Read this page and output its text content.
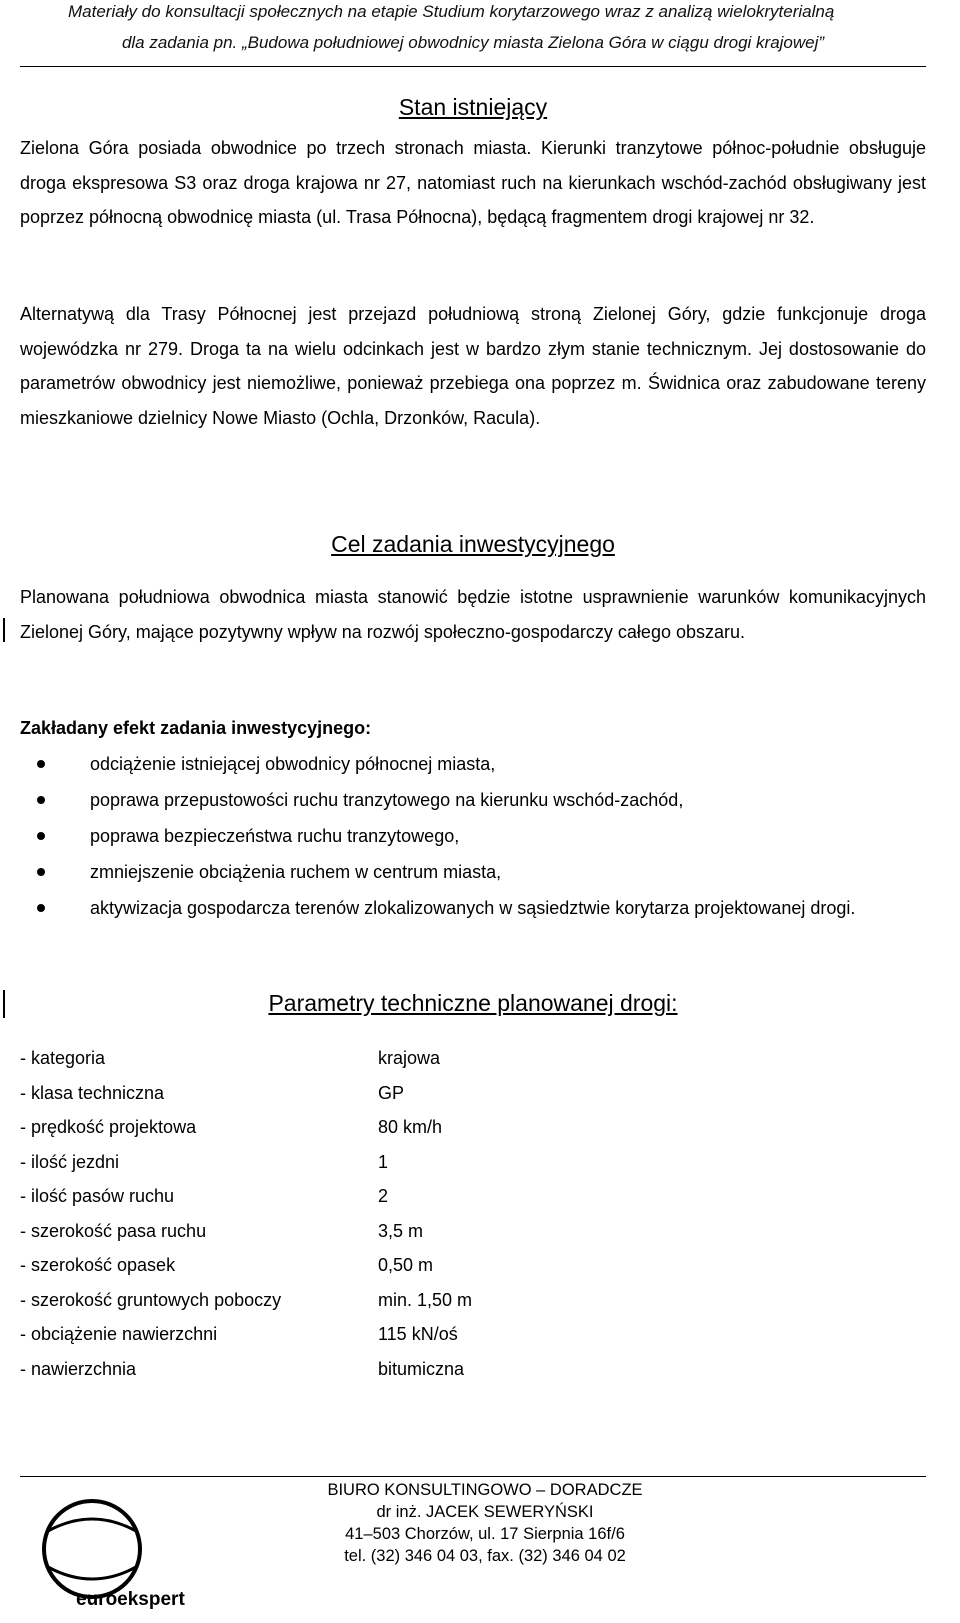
Materiały do konsultacji społecznych na etapie Studium korytarzowego wraz z analizą wielokryterialną
dla zadania pn. „Budowa południowej obwodnicy miasta Zielona Góra w ciągu drogi krajowej”
Stan istniejący

Zielona Góra posiada obwodnice po trzech stronach miasta. Kierunki tranzytowe północ-południe obsługuje droga ekspresowa S3 oraz droga krajowa nr 27, natomiast ruch na kierunkach wschód-zachód obsługiwany jest poprzez północną obwodnicę miasta (ul. Trasa Północna), będącą fragmentem drogi krajowej nr 32.

Alternatywą dla Trasy Północnej jest przejazd południową stroną Zielonej Góry, gdzie funkcjonuje droga wojewódzka nr 279. Droga ta na wielu odcinkach jest w bardzo złym stanie technicznym. Jej dostosowanie do parametrów obwodnicy jest niemożliwe, ponieważ przebiega ona poprzez m. Świdnica oraz zabudowane tereny mieszkaniowe dzielnicy Nowe Miasto (Ochla, Drzonków, Racula).

Cel zadania inwestycyjnego

Planowana południowa obwodnica miasta stanowić będzie istotne usprawnienie warunków komunikacyjnych Zielonej Góry, mające pozytywny wpływ na rozwój społeczno-gospodarczy całego obszaru.

Zakładany efekt zadania inwestycyjnego:
odciążenie istniejącej obwodnicy północnej miasta,
poprawa przepustowości ruchu tranzytowego na kierunku wschód-zachód,
poprawa bezpieczeństwa ruchu tranzytowego,
zmniejszenie obciążenia ruchem w centrum miasta,
aktywizacja gospodarcza terenów zlokalizowanych w sąsiedztwie korytarza projektowanej drogi.
Parametry techniczne planowanej drogi:
- kategoria	krajowa
- klasa techniczna	GP
- prędkość projektowa	80 km/h
- ilość jezdni	1
- ilość pasów ruchu	2
- szerokość pasa ruchu	3,5 m
- szerokość opasek	0,50 m
- szerokość gruntowych poboczy	min. 1,50 m
- obciążenie nawierzchni	115 kN/oś
- nawierzchnia	bitumiczna
euroekspert
BIURO KONSULTINGOWO – DORADCZE
dr inż. JACEK SEWERYŃSKI
41–503 Chorzów, ul. 17 Sierpnia 16f/6
tel. (32) 346 04 03, fax. (32) 346 04 02
